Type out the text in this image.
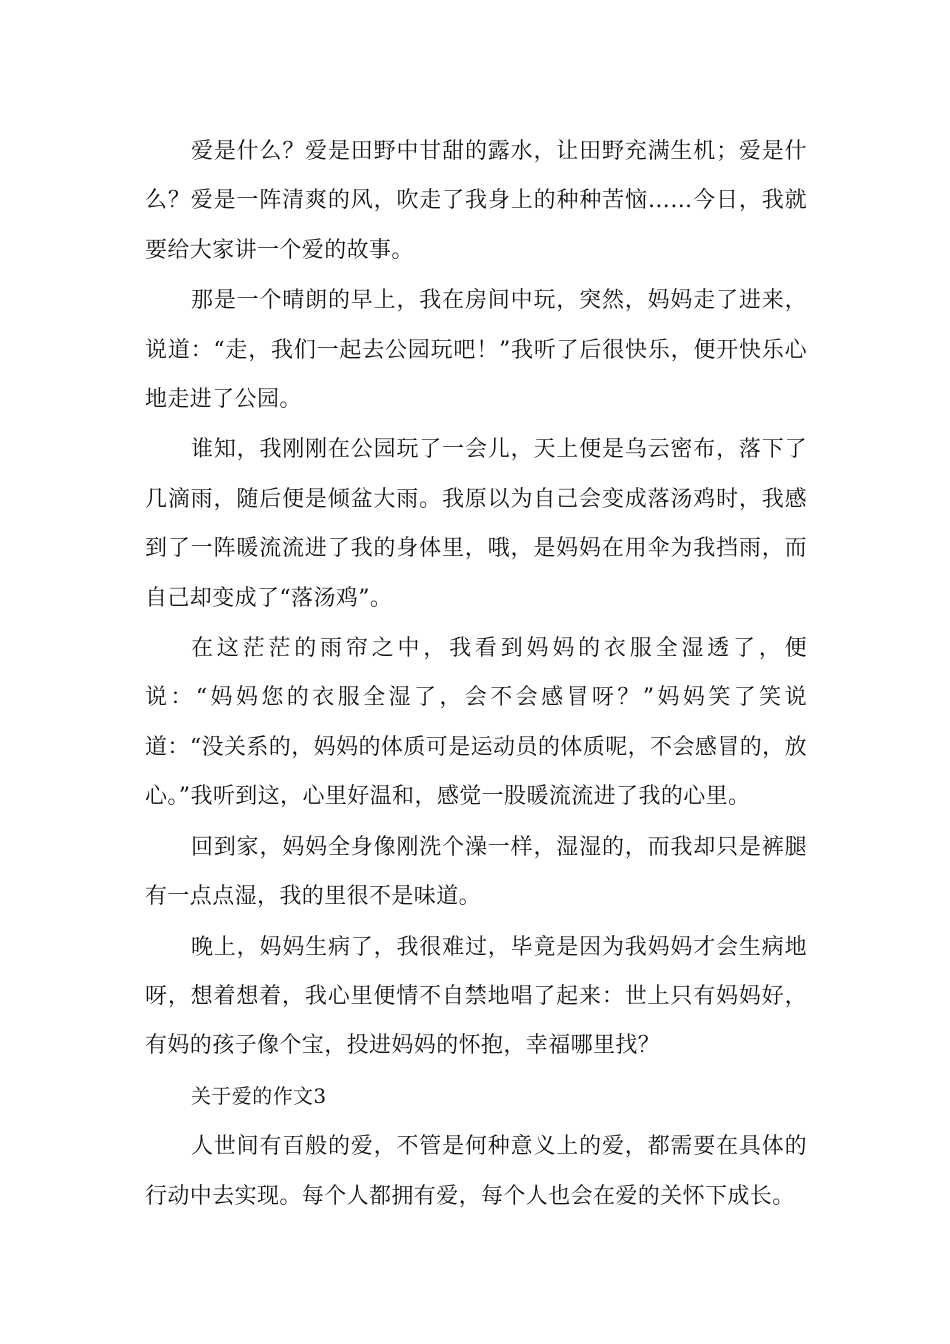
爱是什么？爱是田野中甘甜的露水，让田野充满生机；爱是什么？爱是一阵清爽的风，吹走了我身上的种种苦恼……今日，我就要给大家讲一个爱的故事。

那是一个晴朗的早上，我在房间中玩，突然，妈妈走了进来，说道：“走，我们一起去公园玩吧！”我听了后很快乐，便开快乐心地走进了公园。

谁知，我刚刚在公园玩了一会儿，天上便是乌云密布，落下了几滴雨，随后便是倾盆大雨。我原以为自己会变成落汤鸡时，我感到了一阵暖流流进了我的身体里，哦，是妈妈在用伞为我挡雨，而自己却变成了“落汤鸡”。

在这茫茫的雨帘之中，我看到妈妈的衣服全湿透了，便说：“妈妈您的衣服全湿了，会不会感冒呀？”妈妈笑了笑说道：“没关系的，妈妈的体质可是运动员的体质呢，不会感冒的，放心。”我听到这，心里好温和，感觉一股暖流流进了我的心里。

回到家，妈妈全身像刚洗个澡一样，湿湿的，而我却只是裤腿有一点点湿，我的里很不是味道。

晚上，妈妈生病了，我很难过，毕竟是因为我妈妈才会生病地呀，想着想着，我心里便情不自禁地唱了起来：世上只有妈妈好，有妈的孩子像个宝，投进妈妈的怀抱，幸福哪里找？

关于爱的作文3

人世间有百般的爱，不管是何种意义上的爱，都需要在具体的行动中去实现。每个人都拥有爱，每个人也会在爱的关怀下成长。
